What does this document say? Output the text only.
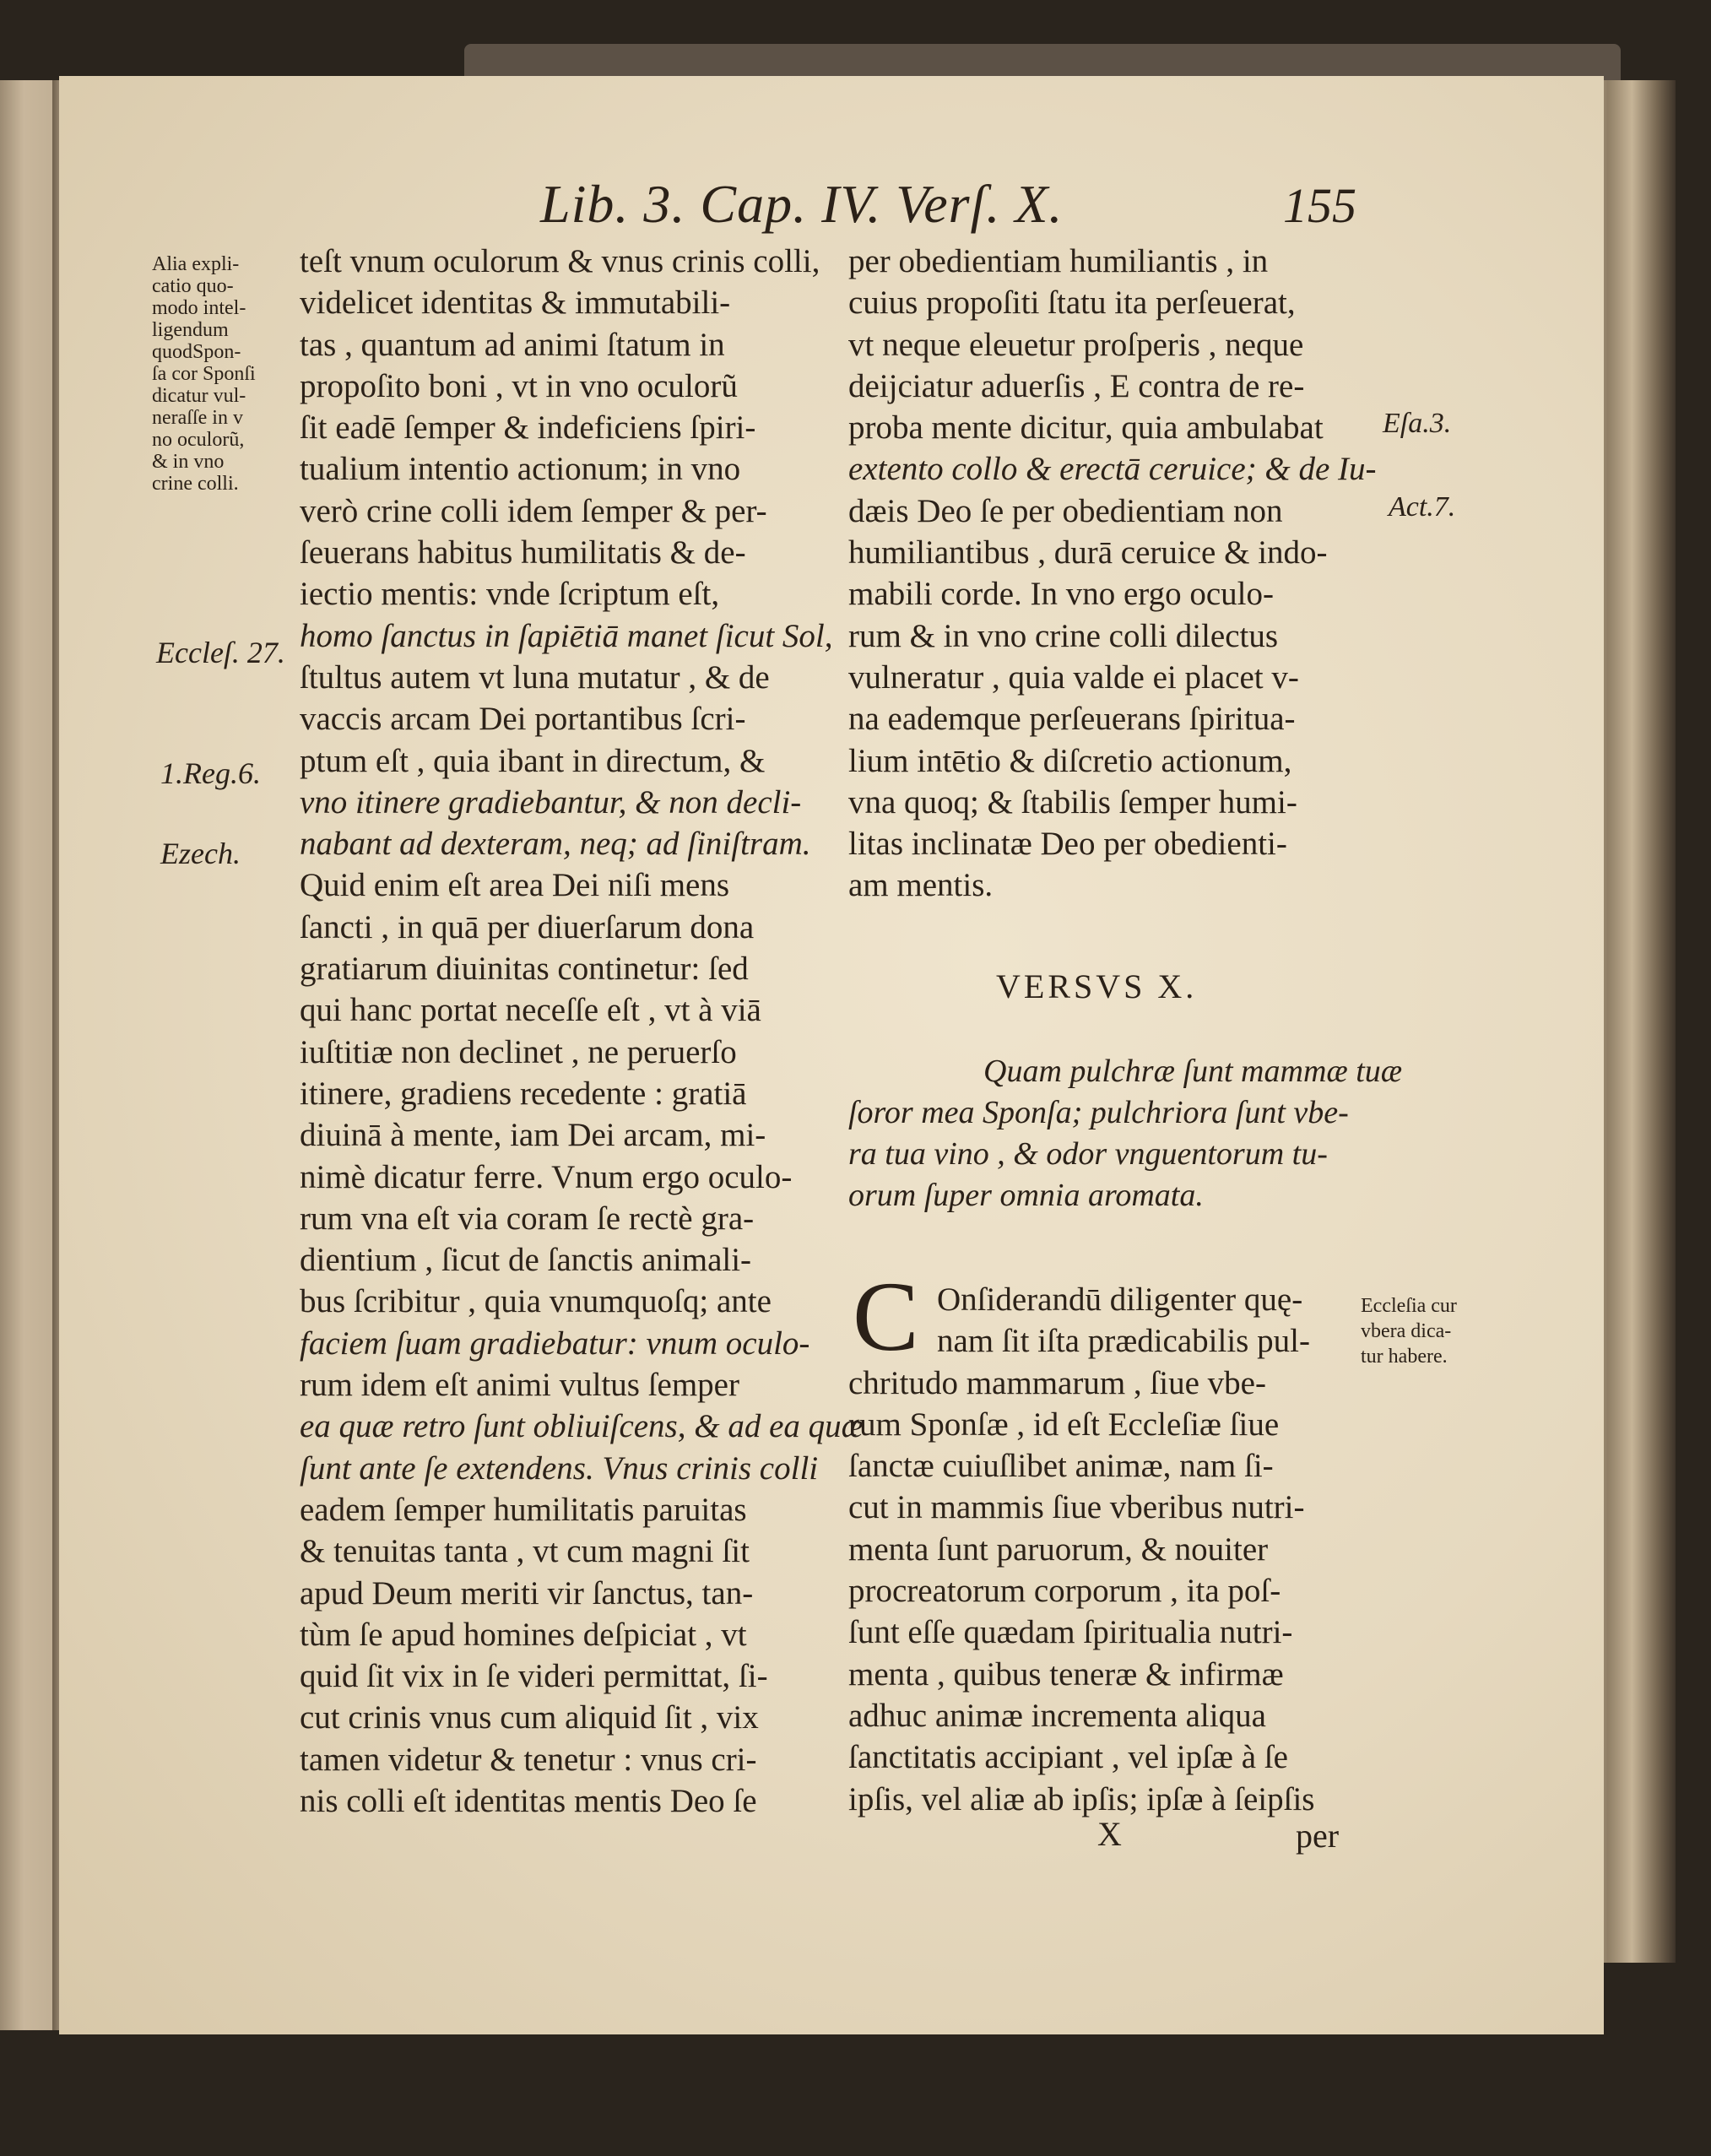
Lib. 3. Cap. IV. Verſ. X.	155
Alia expli-
catio quo-
modo intel-
ligendum
quodSpon-
ſa cor Sponſi
dicatur vul-
neraſſe in v
no oculorũ,
& in vno
crine colli.
Eccleſ. 27.
1.Reg.6.
Ezech.
teſt vnum oculorum & vnus crinis colli,
videlicet identitas & immutabili-
tas , quantum ad animi ſtatum in
propoſito boni , vt in vno oculorũ
ſit eadē ſemper & indeficiens ſpiri-
tualium intentio actionum; in vno
verò crine colli idem ſemper & per-
ſeuerans habitus humilitatis & de-
iectio mentis: vnde ſcriptum eſt,
homo ſanctus in ſapiētiā manet ſicut Sol,
ſtultus autem vt luna mutatur , & de
vaccis arcam Dei portantibus ſcri-
ptum eſt , quia ibant in directum, &
vno itinere gradiebantur, & non decli-
nabant ad dexteram, neq; ad ſiniſtram.
Quid enim eſt area Dei niſi mens
ſancti , in quā per diuerſarum dona
gratiarum diuinitas continetur: ſed
qui hanc portat neceſſe eſt , vt à viā
iuſtitiæ non declinet , ne peruerſo
itinere, gradiens recedente : gratiā
diuinā à mente, iam Dei arcam, mi-
nimè dicatur ferre. Vnum ergo oculo-
rum vna eſt via coram ſe rectè gra-
dientium , ſicut de ſanctis animali-
bus ſcribitur , quia vnumquoſq; ante
faciem ſuam gradiebatur: vnum oculo-
rum idem eſt animi vultus ſemper
ea quæ retro ſunt obliuiſcens, & ad ea quæ
ſunt ante ſe extendens. Vnus crinis colli
eadem ſemper humilitatis paruitas
& tenuitas tanta , vt cum magni ſit
apud Deum meriti vir ſanctus, tan-
tùm ſe apud homines deſpiciat , vt
quid ſit vix in ſe videri permittat, ſi-
cut crinis vnus cum aliquid ſit , vix
tamen videtur & tenetur : vnus cri-
nis colli eſt identitas mentis Deo ſe
per obedientiam humiliantis , in
cuius propoſiti ſtatu ita perſeuerat,
vt neque eleuetur proſperis , neque
deijciatur aduerſis , E contra de re-
proba mente dicitur, quia ambulabat
extento collo & erectā ceruice; & de Iu-
dæis Deo ſe per obedientiam non
humiliantibus , durā ceruice & indo-
mabili corde. In vno ergo oculo-
rum & in vno crine colli dilectus
vulneratur , quia valde ei placet v-
na eademque perſeuerans ſpiritua-
lium intētio & diſcretio actionum,
vna quoq; & ſtabilis ſemper humi-
litas inclinatæ Deo per obedienti-
am mentis.
Eſa.3.
Act.7.
VERSVS X.
Quam pulchræ ſunt mammæ tuæ
ſoror mea Sponſa; pulchriora ſunt vbe-
ra tua vino , & odor vnguentorum tu-
orum ſuper omnia aromata.
C Onſiderandū diligenter quę-
nam ſit iſta prædicabilis pul-
chritudo mammarum , ſiue vbe-
rum Sponſæ , id eſt Eccleſiæ ſiue
ſanctæ cuiuſlibet animæ, nam ſi-
cut in mammis ſiue vberibus nutri-
menta ſunt paruorum, & nouiter
procreatorum corporum , ita poſ-
ſunt eſſe quædam ſpiritualia nutri-
menta , quibus teneræ & infirmæ
adhuc animæ incrementa aliqua
ſanctitatis accipiant , vel ipſæ à ſe
ipſis, vel aliæ ab ipſis; ipſæ à ſeipſis
Eccleſia cur
vbera dica-
tur habere.
X	per
